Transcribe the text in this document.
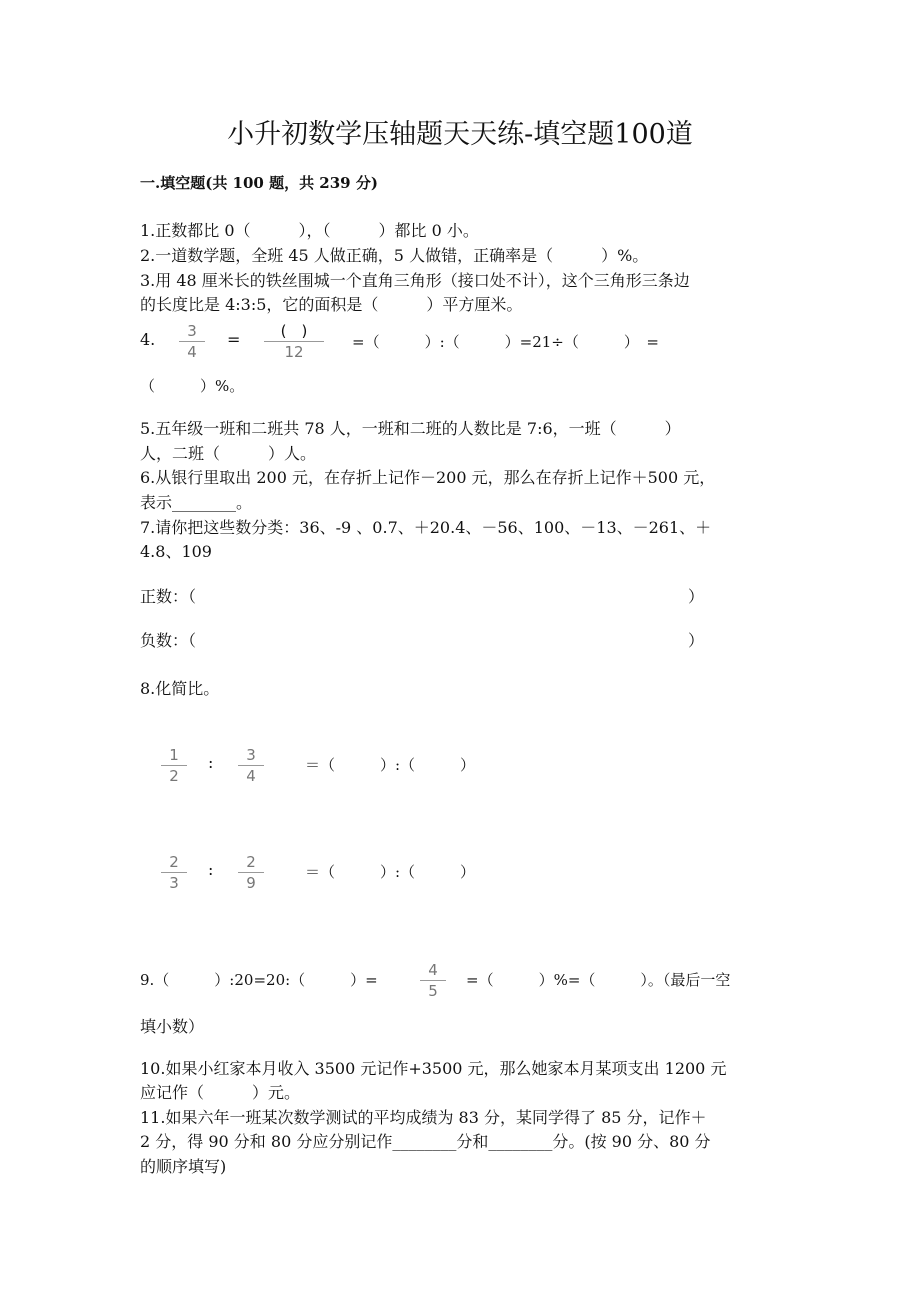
小升初数学压轴题天天练-填空题100道
一.填空题(共 100 题，共 239 分)
1.正数都比 0（　　　），（　　　）都比 0 小。
2.一道数学题，全班 45 人做正确，5 人做错，正确率是（　　　）%。
3.用 48 厘米长的铁丝围城一个直角三角形（接口处不计），这个三角形三条边
的长度比是 4:3:5，它的面积是（　　　）平方厘米。
4.	3
4
=	(　)
12
=（　　　）:（　　　）=21÷（　　　）　=
（　　　）%。
5.五年级一班和二班共 78 人，一班和二班的人数比是 7:6，一班（　　　）
人，二班（　　　）人。
6.从银行里取出 200 元，在存折上记作－200 元，那么在存折上记作＋500 元，
表示________。
7.请你把这些数分类：36、-9 、0.7、＋20.4、－56、100、－13、－261、＋
4.8、109
正数：（	）
负数：（	）
8.化简比。
1
2
:	3
4
＝（　　　）:（　　　）
2
3
:	2
9
＝（　　　）:（　　　）
9.（　　　）:20=20:（　　　）=
4
5
=（　　　）%=（　　　）。（最后一空
填小数）
10.如果小红家本月收入 3500 元记作+3500 元，那么她家本月某项支出 1200 元
应记作（　　　）元。
11.如果六年一班某次数学测试的平均成绩为 83 分，某同学得了 85 分，记作＋
2 分，得 90 分和 80 分应分别记作________分和________分。(按 90 分、80 分
的顺序填写)
